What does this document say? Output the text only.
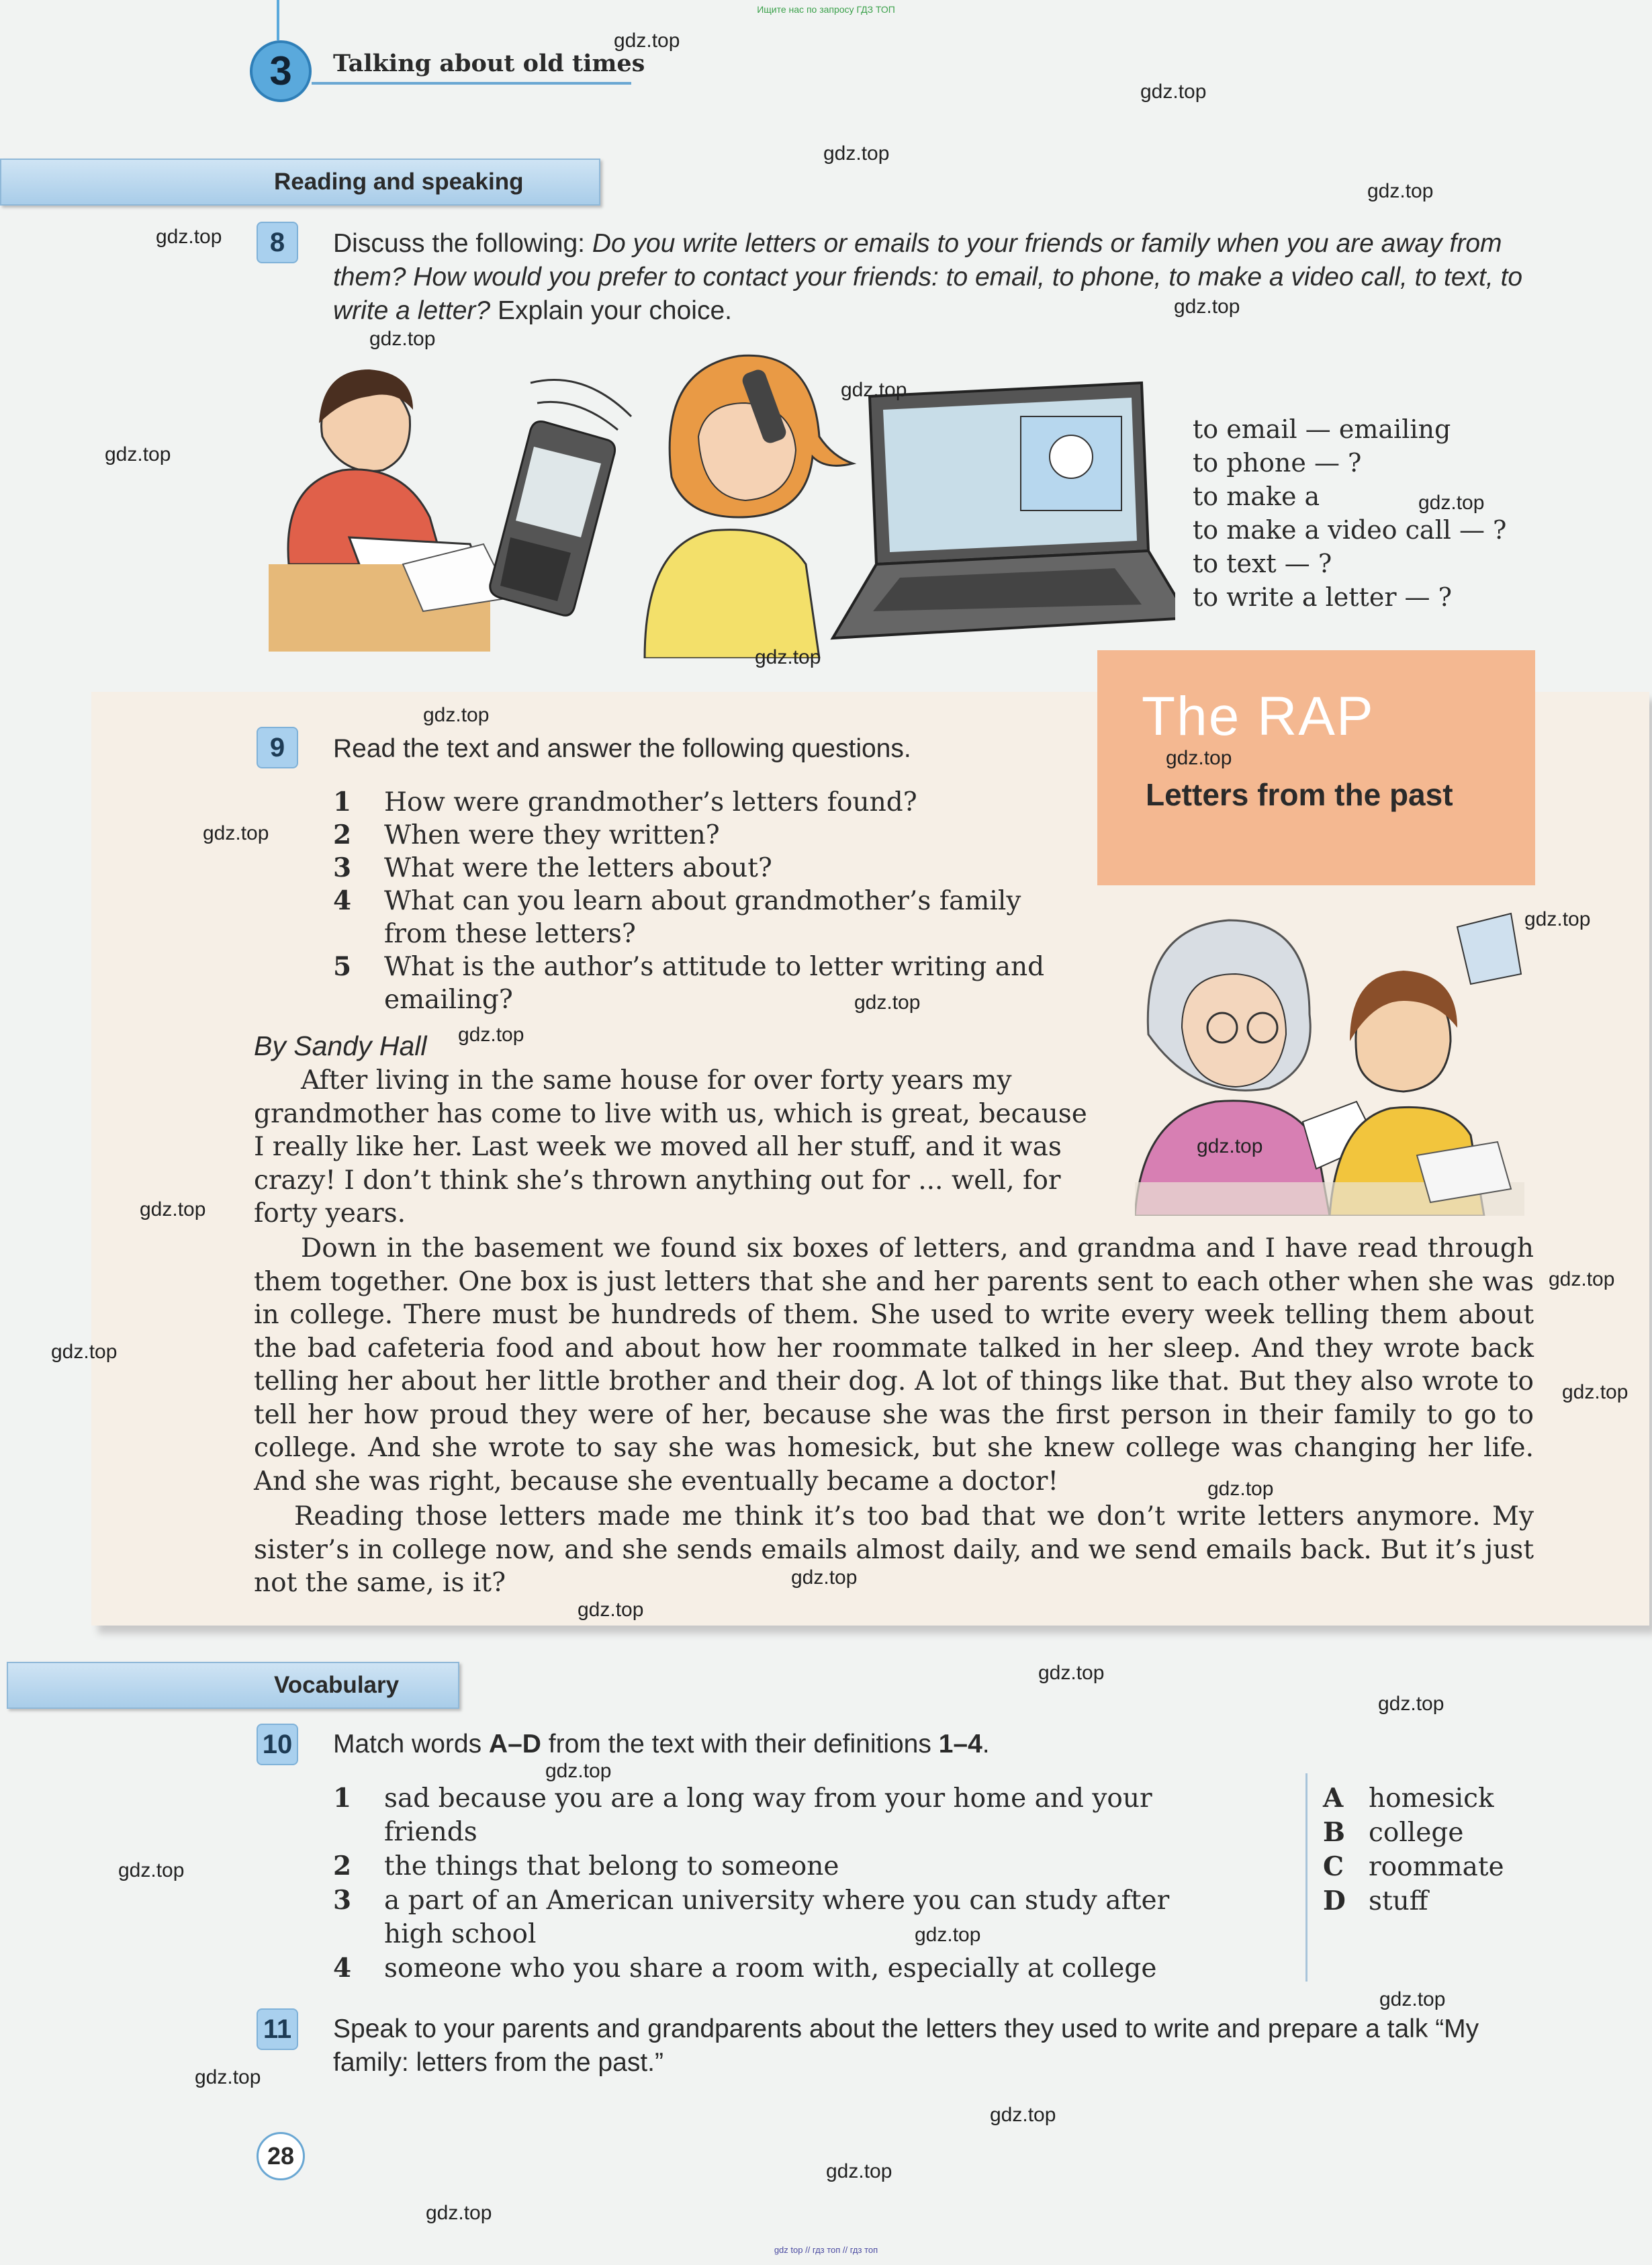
Ищите нас по запросу ГДЗ ТОП
3	Talking about old times
Reading and speaking
8	Discuss the following: Do you write letters or emails to your friends or family when you are away from them? How would you prefer to contact your friends: to email, to phone, to make a video call, to text, to write a letter? Explain your choice.
to email — emailing
to phone — ?
to make a
to make a video call — ?
to text — ?
to write a letter — ?
The RAP
Letters from the past
9	Read the text and answer the following questions.
1 How were grandmother’s letters found?
2 When were they written?
3 What were the letters about?
4 What can you learn about grandmother’s family
from these letters?
5 What is the author’s attitude to letter writing and
emailing?
By Sandy Hall
After living in the same house for over forty years my
grandmother has come to live with us, which is great, because
I really like her. Last week we moved all her stuff, and it was
crazy! I don’t think she’s thrown anything out for ... well, for
forty years.
Down in the basement we found six boxes of letters, and grandma and I have read through them together. One box is just letters that she and her parents sent to each other when she was in college. There must be hundreds of them. She used to write every week telling them about the bad cafeteria food and about how her roommate talked in her sleep. And they wrote back telling her about her little brother and their dog. A lot of things like that. But they also wrote to tell her how proud they were of her, because she was the first person in their family to go to college. And she wrote to say she was homesick, but she knew college was changing her life. And she was right, because she eventually became a doctor!
Reading those letters made me think it’s too bad that we don’t write letters anymore. My sister’s in college now, and she sends emails almost daily, and we send emails back. But it’s just not the same, is it?
Vocabulary
10 Match words A–D from the text with their definitions 1–4.
1 sad because you are a long way from your home and your
friends
2 the things that belong to someone
3 a part of an American university where you can study after
high school
4 someone who you share a room with, especially at college
A homesick
B college
C roommate
D stuff
11 Speak to your parents and grandparents about the letters they used to write and prepare a talk “My family: letters from the past.”
28
gdz.top
gdz.top
gdz.top
gdz.top
gdz.top
gdz.top
gdz.top
gdz.top
gdz.top
gdz.top
gdz.top
gdz.top
gdz.top
gdz.top
gdz.top
gdz.top
gdz.top
gdz.top
gdz.top
gdz.top
gdz.top
gdz.top
gdz.top
gdz.top
gdz.top
gdz.top
gdz.top
gdz.top
gdz.top
gdz.top
gdz.top
gdz.top
gdz.top
gdz.top
gdz.top
gdz top // гдз топ // гдз топ
